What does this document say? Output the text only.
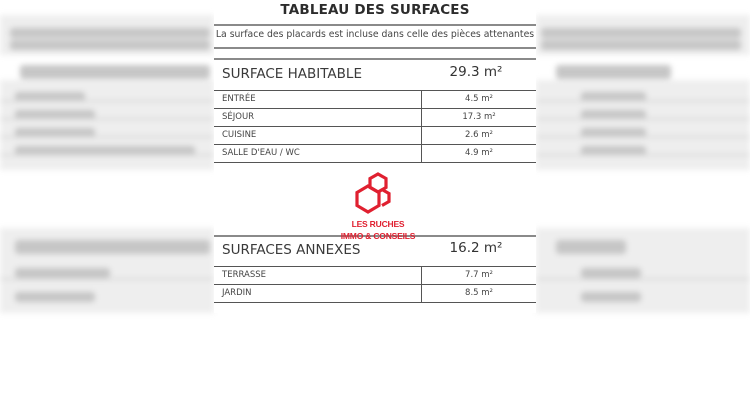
TABLEAU DES SURFACES
La surface des placards est incluse dans celle des pièces attenantes
SURFACE HABITABLE	29.3 m²
ENTRÉE	4.5 m²
SÉJOUR	17.3 m²
CUISINE	2.6 m²
SALLE D'EAU / WC	4.9 m²
SURFACES ANNEXES	16.2 m²
TERRASSE	7.7 m²
JARDIN	8.5 m²
LES RUCHES
IMMO & CONSEILS
